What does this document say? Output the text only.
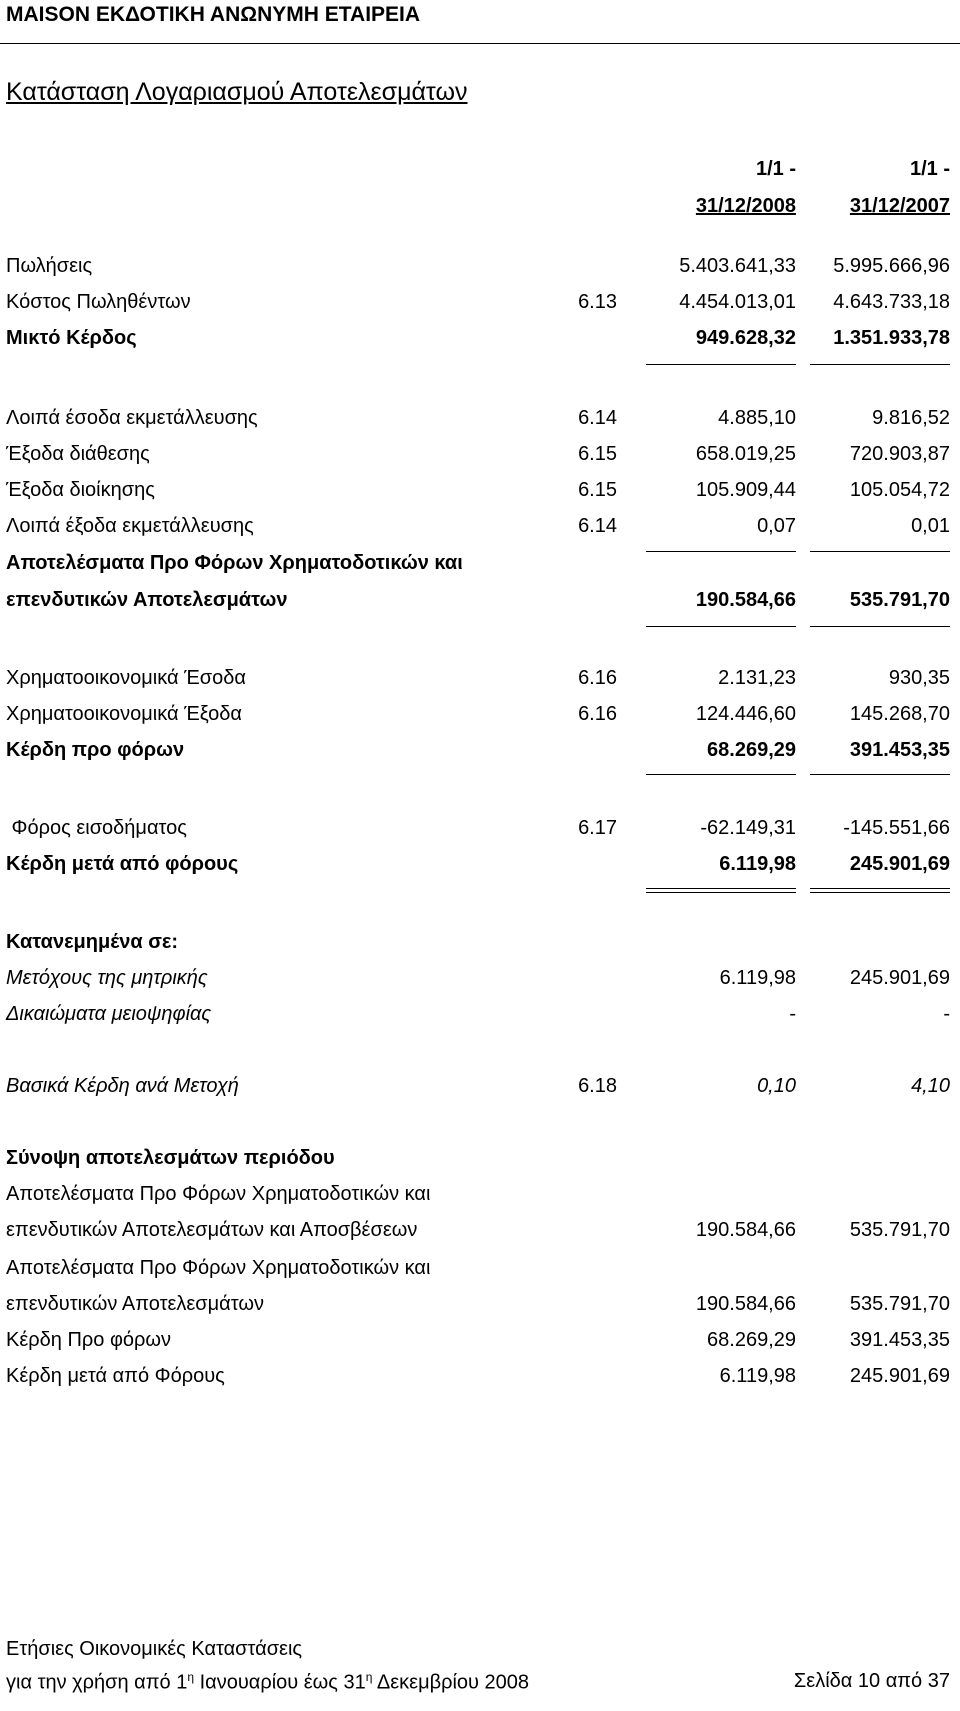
MAISON ΕΚΔΟΤΙΚΗ ΑΝΩΝΥΜΗ ΕΤΑΙΡΕΙΑ
Κατάσταση Λογαριασμού Αποτελεσμάτων
1/1 -
31/12/2008
1/1 -
31/12/2007
Πωλήσεις	5.403.641,33 5.995.666,96
Κόστος Πωληθέντων	6.13	4.454.013,01 4.643.733,18
Μικτό Κέρδος	949.628,32 1.351.933,78
Λοιπά έσοδα εκμετάλλευσης	6.14	4.885,10	9.816,52
Έξοδα διάθεσης	6.15	658.019,25	720.903,87
Έξοδα διοίκησης	6.15	105.909,44	105.054,72
Λοιπά έξοδα εκμετάλλευσης	6.14	0,07	0,01
Αποτελέσματα Προ Φόρων Χρηματοδοτικών και
επενδυτικών Αποτελεσμάτων	190.584,66	535.791,70
Χρηματοοικονομικά Έσοδα	6.16	2.131,23	930,35
Χρηματοοικονομικά Έξοδα	6.16	124.446,60	145.268,70
Κέρδη προ φόρων	68.269,29	391.453,35
Φόρος εισοδήματος	6.17	-62.149,31 -145.551,66
Κέρδη μετά από φόρους	6.119,98	245.901,69
Κατανεμημένα σε:
Μετόχους της μητρικής	6.119,98	245.901,69
Δικαιώματα μειοψηφίας	-	-
Βασικά Κέρδη ανά Μετοχή	6.18	0,10	4,10
Σύνοψη αποτελεσμάτων περιόδου
Αποτελέσματα Προ Φόρων Χρηματοδοτικών και
επενδυτικών Αποτελεσμάτων και Αποσβέσεων	190.584,66	535.791,70
Αποτελέσματα Προ Φόρων Χρηματοδοτικών και
επενδυτικών Αποτελεσμάτων	190.584,66	535.791,70
Κέρδη Προ φόρων	68.269,29	391.453,35
Κέρδη μετά από Φόρους	6.119,98	245.901,69
Ετήσιες Οικονομικές Καταστάσεις
για την χρήση από $1^\eta$ Ιανουαρίου έως $31^\eta$ Δεκεμβρίου 2008	Σελίδα 10 από 37
